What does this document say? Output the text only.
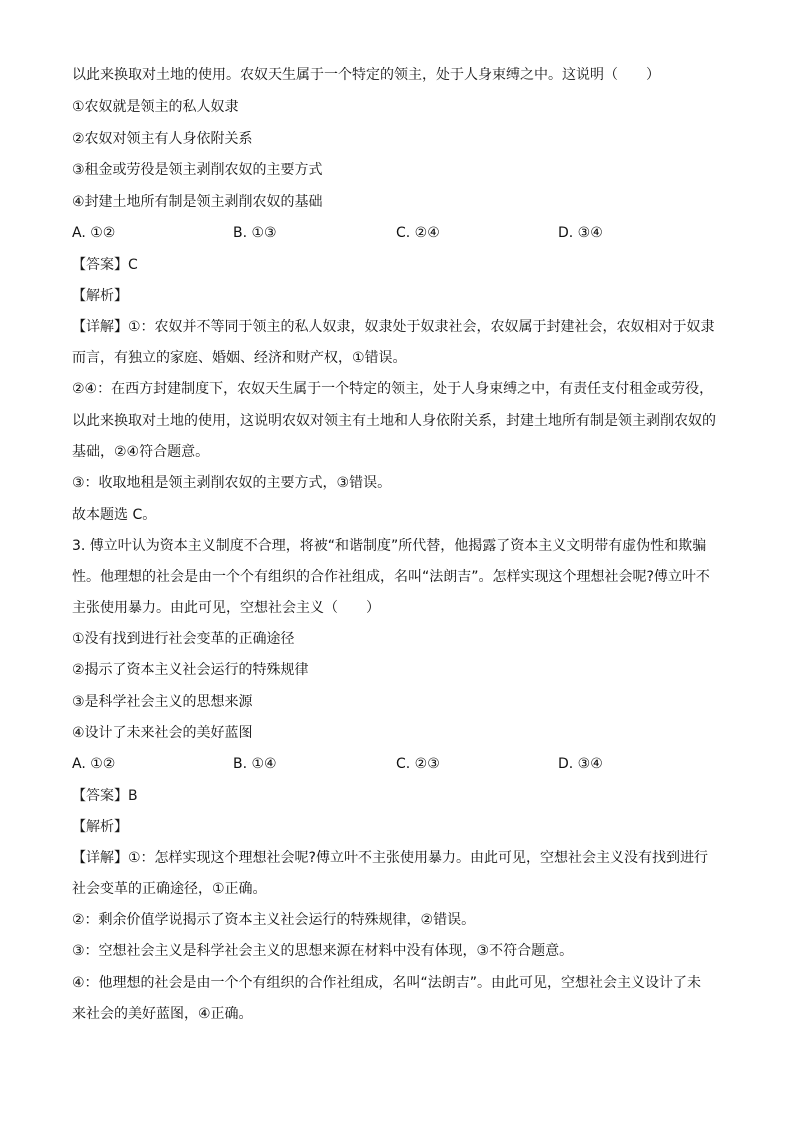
以此来换取对土地的使用。农奴天生属于一个特定的领主，处于人身束缚之中。这说明（　　）
①农奴就是领主的私人奴隶
②农奴对领主有人身依附关系
③租金或劳役是领主剥削农奴的主要方式
④封建土地所有制是领主剥削农奴的基础
A. ①②	B. ①③	C. ②④	D. ③④
【答案】C
【解析】
【详解】①：农奴并不等同于领主的私人奴隶，奴隶处于奴隶社会，农奴属于封建社会，农奴相对于奴隶
而言，有独立的家庭、婚姻、经济和财产权，①错误。
②④：在西方封建制度下，农奴天生属于一个特定的领主，处于人身束缚之中，有责任支付租金或劳役，
以此来换取对土地的使用，这说明农奴对领主有土地和人身依附关系，封建土地所有制是领主剥削农奴的
基础，②④符合题意。
③：收取地租是领主剥削农奴的主要方式，③错误。
故本题选 C。
3. 傅立叶认为资本主义制度不合理，将被“和谐制度”所代替，他揭露了资本主义文明带有虚伪性和欺骗
性。他理想的社会是由一个个有组织的合作社组成，名叫“法朗吉”。怎样实现这个理想社会呢?傅立叶不
主张使用暴力。由此可见，空想社会主义（　　）
①没有找到进行社会变革的正确途径
②揭示了资本主义社会运行的特殊规律
③是科学社会主义的思想来源
④设计了未来社会的美好蓝图
A. ①②	B. ①④	C. ②③	D. ③④
【答案】B
【解析】
【详解】①：怎样实现这个理想社会呢?傅立叶不主张使用暴力。由此可见，空想社会主义没有找到进行
社会变革的正确途径，①正确。
②：剩余价值学说揭示了资本主义社会运行的特殊规律，②错误。
③：空想社会主义是科学社会主义的思想来源在材料中没有体现，③不符合题意。
④：他理想的社会是由一个个有组织的合作社组成，名叫“法朗吉”。由此可见，空想社会主义设计了未
来社会的美好蓝图，④正确。
